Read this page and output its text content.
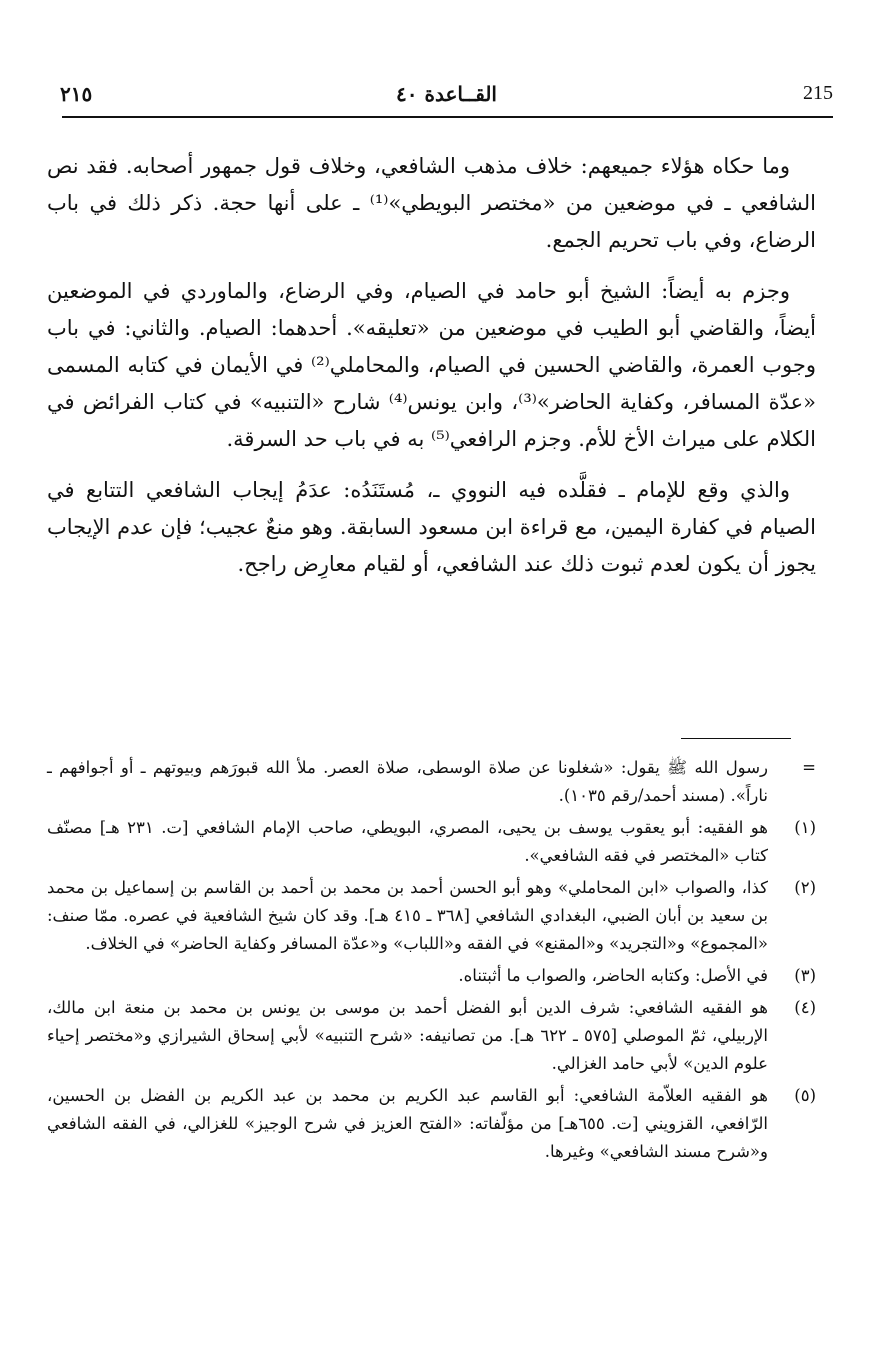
٢١٥	القــاعدة ٤٠	215

وما حكاه هؤلاء جميعهم: خلاف مذهب الشافعي، وخلاف قول جمهور أصحابه. فقد نص الشافعي ـ في موضعين من «مختصر البويطي»⁽¹⁾ ـ على أنها حجة. ذكر ذلك في باب الرضاع، وفي باب تحريم الجمع.

وجزم به أيضاً: الشيخ أبو حامد في الصيام، وفي الرضاع، والماوردي في الموضعين أيضاً، والقاضي أبو الطيب في موضعين من «تعليقه». أحدهما: الصيام. والثاني: في باب وجوب العمرة، والقاضي الحسين في الصيام، والمحاملي⁽²⁾ في الأيمان في كتابه المسمى «عدّة المسافر، وكفاية الحاضر»⁽³⁾، وابن يونس⁽⁴⁾ شارح «التنبيه» في كتاب الفرائض في الكلام على ميراث الأخ للأم. وجزم الرافعي⁽⁵⁾ به في باب حد السرقة.

والذي وقع للإمام ـ فقلَّده فيه النووي ـ، مُستَنَدُه: عدَمُ إيجاب الشافعي التتابع في الصيام في كفارة اليمين، مع قراءة ابن مسعود السابقة. وهو منعٌ عجيب؛ فإن عدم الإيجاب يجوز أن يكون لعدم ثبوت ذلك عند الشافعي، أو لقيام معارِض راجح.

=
رسول الله ﷺ يقول: «شغلونا عن صلاة الوسطى، صلاة العصر. ملأ الله قبورَهم وبيوتهم ـ أو أجوافهم ـ ناراً». (مسند أحمد/رقم ١٠٣٥).
(١)
هو الفقيه: أبو يعقوب يوسف بن يحيى، المصري، البويطي، صاحب الإمام الشافعي [ت. ٢٣١ هـ] مصنّف كتاب «المختصر في فقه الشافعي».
(٢)
كذا، والصواب «ابن المحاملي» وهو أبو الحسن أحمد بن محمد بن أحمد بن القاسم بن إسماعيل بن محمد بن سعيد بن أبان الضبي، البغدادي الشافعي [٣٦٨ ـ ٤١٥ هـ]. وقد كان شيخ الشافعية في عصره. ممّا صنف: «المجموع» و«التجريد» و«المقنع» في الفقه و«اللباب» و«عدّة المسافر وكفاية الحاضر» في الخلاف.
(٣)
في الأصل: وكتابه الحاضر، والصواب ما أثبتناه.
(٤)
هو الفقيه الشافعي: شرف الدين أبو الفضل أحمد بن موسى بن يونس بن محمد بن منعة ابن مالك، الإربيلي، ثمّ الموصلي [٥٧٥ ـ ٦٢٢ هـ]. من تصانيفه: «شرح التنبيه» لأبي إسحاق الشيرازي و«مختصر إحياء علوم الدين» لأبي حامد الغزالي.
(٥)
هو الفقيه العلاّمة الشافعي: أبو القاسم عبد الكريم بن محمد بن عبد الكريم بن الفضل بن الحسين، الرّافعي، القزويني [ت. ٦٥٥هـ] من مؤلّفاته: «الفتح العزيز في شرح الوجيز» للغزالي، في الفقه الشافعي و«شرح مسند الشافعي» وغيرها.
